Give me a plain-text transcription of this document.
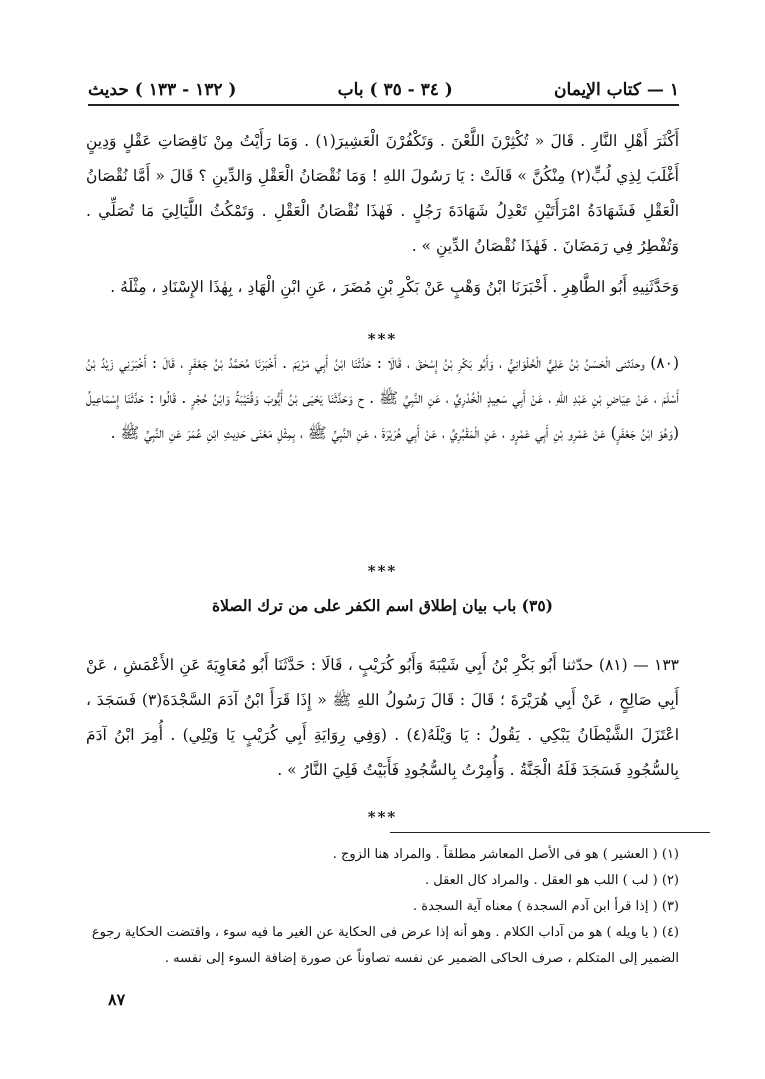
١ — كتاب الإيمان
( ٣٤ - ٣٥ ) باب
( ١٣٢ - ١٣٣ ) حديث
أَكْثَرَ أَهْلِ النَّارِ . قَالَ « تُكْثِرْنَ اللَّعْنَ . وَتَكْفُرْنَ الْعَشِيرَ(١) . وَمَا رَأَيْتُ مِنْ نَاقِصَاتِ عَقْلٍ وَدِينٍ أَغْلَبَ لِذِي لُبٍّ(٢) مِنْكُنَّ » قَالَتْ : يَا رَسُولَ اللهِ ! وَمَا نُقْصَانُ الْعَقْلِ وَالدِّينِ ؟ قَالَ « أَمَّا نُقْصَانُ الْعَقْلِ فَشَهَادَةُ امْرَأَتَيْنِ تَعْدِلُ شَهَادَةَ رَجُلٍ . فَهٰذَا نُقْصَانُ الْعَقْلِ . وَتَمْكُثُ اللَّيَالِيَ مَا تُصَلِّي . وَتُفْطِرُ فِي رَمَضَانَ . فَهٰذَا نُقْصَانُ الدِّينِ » .
وَحَدَّثَنِيهِ أَبُو الطَّاهِرِ . أَخْبَرَنَا ابْنُ وَهْبٍ عَنْ بَكْرِ بْنِ مُضَرَ ، عَنِ ابْنِ الْهَادِ ، بِهٰذَا الإِسْنَادِ ، مِثْلَهُ .
***
(٨٠) وحدّثنى الْحَسَنُ بْنُ عَلِيٍّ الْحُلْوَانِيُّ ، وَأَبُو بَكْرِ بْنُ إِسْحٰقَ ، قَالَا : حَدَّثَنَا ابْنُ أَبِي مَرْيَمَ . أَخْبَرَنَا مُحَمَّدُ بْنُ جَعْفَرٍ ، قَالَ : أَخْبَرَنِي زَيْدُ بْنُ أَسْلَمَ ، عَنْ عِيَاضِ بْنِ عَبْدِ اللهِ ، عَنْ أَبِي سَعِيدٍ الْخُدْرِيِّ ، عَنِ النَّبِيِّ ﷺ . ح وَحَدَّثَنَا يَحْيَى بْنُ أَيُّوبَ وَقُتَيْبَةُ وَابْنُ حُجْرٍ . قَالُوا : حَدَّثَنَا إِسْمَاعِيلُ (وَهُوَ ابْنُ جَعْفَرٍ) عَنْ عَمْرِو بْنِ أَبِي عَمْرٍو ، عَنِ الْمَقْبُرِيِّ ، عَنْ أَبِي هُرَيْرَةَ ، عَنِ النَّبِيِّ ﷺ ، بِمِثْلِ مَعْنَى حَدِيثِ ابْنِ عُمَرَ عَنِ النَّبِيِّ ﷺ .
***
(٣٥) باب بيان إطلاق اسم الكفر على من ترك الصلاة
١٣٣ — (٨١) حدّثنا أَبُو بَكْرِ بْنُ أَبِي شَيْبَةَ وَأَبُو كُرَيْبٍ ، قَالَا : حَدَّثَنَا أَبُو مُعَاوِيَةَ عَنِ الأَعْمَشِ ، عَنْ أَبِي صَالِحٍ ، عَنْ أَبِي هُرَيْرَةَ ؛ قَالَ : قَالَ رَسُولُ اللهِ ﷺ « إِذَا قَرَأَ ابْنُ آدَمَ السَّجْدَةَ(٣) فَسَجَدَ ، اعْتَزَلَ الشَّيْطَانُ يَبْكِي . يَقُولُ : يَا وَيْلَهُ(٤) . (وَفِي رِوَايَةِ أَبِي كُرَيْبٍ يَا وَيْلِي) . أُمِرَ ابْنُ آدَمَ بِالسُّجُودِ فَسَجَدَ فَلَهُ الْجَنَّةُ . وَأُمِرْتُ بِالسُّجُودِ فَأَبَيْتُ فَلِيَ النَّارُ » .
***

(١) ( العشير ) هو فى الأصل المعاشر مطلقاً . والمراد هنا الزوج .

(٢) ( لب ) اللب هو العقل . والمراد كال العقل .

(٣) ( إذا قرأ ابن آدم السجدة ) معناه آية السجدة .

(٤) ( يا ويله ) هو من آداب الكلام . وهو أنه إذا عرض فى الحكاية عن الغير ما فيه سوء ، واقتضت الحكاية رجوع الضمير إلى المتكلم ، صرف الحاكى الضمير عن نفسه تصاوناً عن صورة إضافة السوء إلى نفسه .

٨٧
